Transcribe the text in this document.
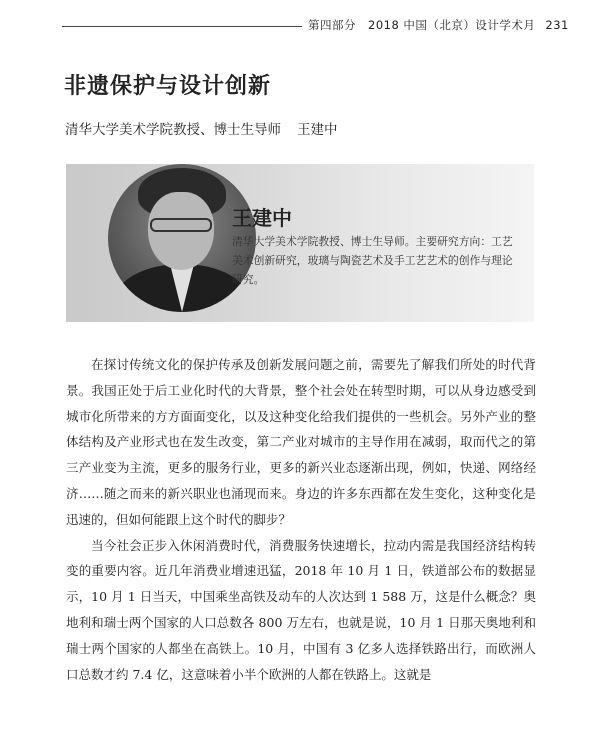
第四部分　2018 中国（北京）设计学术月 231
非遗保护与设计创新
清华大学美术学院教授、博士生导师 王建中
王建中
清华大学美术学院教授、博士生导师。主要研究方向：工艺美术创新研究，玻璃与陶瓷艺术及手工艺艺术的创作与理论研究。

在探讨传统文化的保护传承及创新发展问题之前，需要先了解我们所处的时代背景。我国正处于后工业化时代的大背景，整个社会处在转型时期，可以从身边感受到城市化所带来的方方面面变化，以及这种变化给我们提供的一些机会。另外产业的整体结构及产业形式也在发生改变，第二产业对城市的主导作用在减弱，取而代之的第三产业变为主流，更多的服务行业，更多的新兴业态逐渐出现，例如，快递、网络经济……随之而来的新兴职业也涌现而来。身边的许多东西都在发生变化，这种变化是迅速的，但如何能跟上这个时代的脚步？

当今社会正步入休闲消费时代，消费服务快速增长，拉动内需是我国经济结构转变的重要内容。近几年消费业增速迅猛，2018 年 10 月 1 日，铁道部公布的数据显示，10 月 1 日当天，中国乘坐高铁及动车的人次达到 1 588 万，这是什么概念？奥地利和瑞士两个国家的人口总数各 800 万左右，也就是说，10 月 1 日那天奥地利和瑞士两个国家的人都坐在高铁上。10 月，中国有 3 亿多人选择铁路出行，而欧洲人口总数才约 7.4 亿，这意味着小半个欧洲的人都在铁路上。这就是
